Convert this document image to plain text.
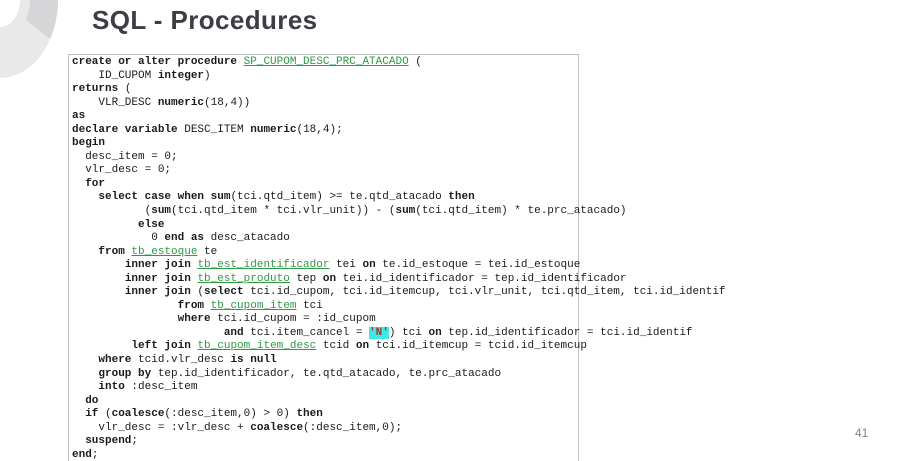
SQL - Procedures
create or alter procedure SP_CUPOM_DESC_PRC_ATACADO (
ID_CUPOM integer)
returns (
VLR_DESC numeric(18,4))
as
declare variable DESC_ITEM numeric(18,4);
begin
desc_item = 0;
vlr_desc = 0;
for
select case when sum(tci.qtd_item) >= te.qtd_atacado then
(sum(tci.qtd_item * tci.vlr_unit)) - (sum(tci.qtd_item) * te.prc_atacado)
else
0 end as desc_atacado
from tb_estoque te
inner join tb_est_identificador tei on te.id_estoque = tei.id_estoque
inner join tb_est_produto tep on tei.id_identificador = tep.id_identificador
inner join (select tci.id_cupom, tci.id_itemcup, tci.vlr_unit, tci.qtd_item, tci.id_identif
from tb_cupom_item tci
where tci.id_cupom = :id_cupom
and tci.item_cancel = 'N') tci on tep.id_identificador = tci.id_identif
left join tb_cupom_item_desc tcid on tci.id_itemcup = tcid.id_itemcup
where tcid.vlr_desc is null
group by tep.id_identificador, te.qtd_atacado, te.prc_atacado
into :desc_item
do
if (coalesce(:desc_item,0) > 0) then
vlr_desc = :vlr_desc + coalesce(:desc_item,0);
suspend;
end;
41
